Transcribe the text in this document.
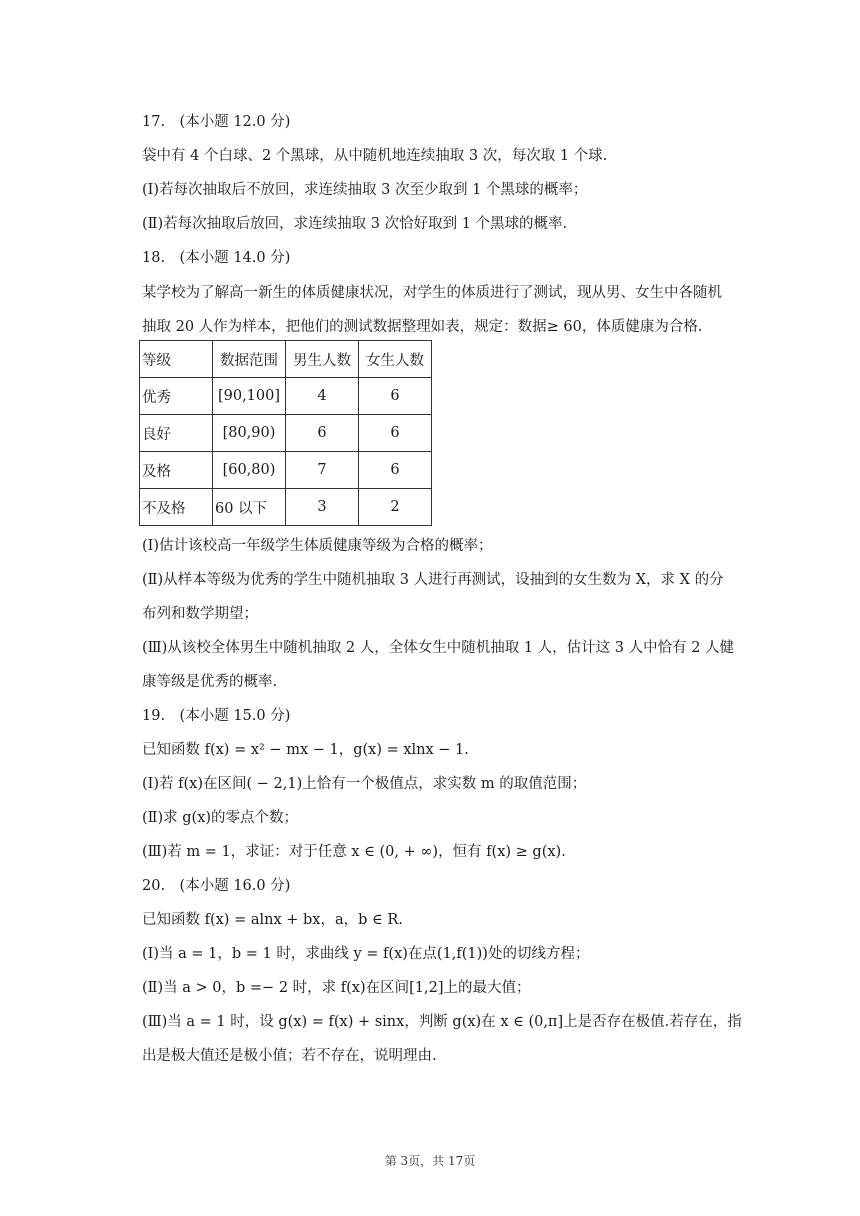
17.　(本小题 12.0 分)
袋中有 4 个白球、2 个黑球，从中随机地连续抽取 3 次，每次取 1 个球.
(Ⅰ)若每次抽取后不放回，求连续抽取 3 次至少取到 1 个黑球的概率；
(Ⅱ)若每次抽取后放回，求连续抽取 3 次恰好取到 1 个黑球的概率.
18.　(本小题 14.0 分)
某学校为了解高一新生的体质健康状况，对学生的体质进行了测试，现从男、女生中各随机
抽取 20 人作为样本，把他们的测试数据整理如表，规定：数据≥ 60，体质健康为合格.
等级	数据范围	男生人数	女生人数
优秀	[90,100]	4	6
良好	[80,90)	6	6
及格	[60,80)	7	6
不及格	60 以下	3	2
(Ⅰ)估计该校高一年级学生体质健康等级为合格的概率；
(Ⅱ)从样本等级为优秀的学生中随机抽取 3 人进行再测试，设抽到的女生数为 X，求 X 的分
布列和数学期望；
(Ⅲ)从该校全体男生中随机抽取 2 人，全体女生中随机抽取 1 人，估计这 3 人中恰有 2 人健
康等级是优秀的概率.
19.　(本小题 15.0 分)
已知函数 f(x) = x² − mx − 1，g(x) = xlnx − 1.
(Ⅰ)若 f(x)在区间( − 2,1)上恰有一个极值点，求实数 m 的取值范围；
(Ⅱ)求 g(x)的零点个数；
(Ⅲ)若 m = 1，求证：对于任意 x ∈ (0, + ∞)，恒有 f(x) ≥ g(x).
20.　(本小题 16.0 分)
已知函数 f(x) = alnx + bx，a，b ∈ R.
(Ⅰ)当 a = 1，b = 1 时，求曲线 y = f(x)在点(1,f(1))处的切线方程；
(Ⅱ)当 a > 0，b =− 2 时，求 f(x)在区间[1,2]上的最大值；
(Ⅲ)当 a = 1 时，设 g(x) = f(x) + sinx，判断 g(x)在 x ∈ (0,π]上是否存在极值.若存在，指
出是极大值还是极小值；若不存在，说明理由.
第 3页，共 17页
